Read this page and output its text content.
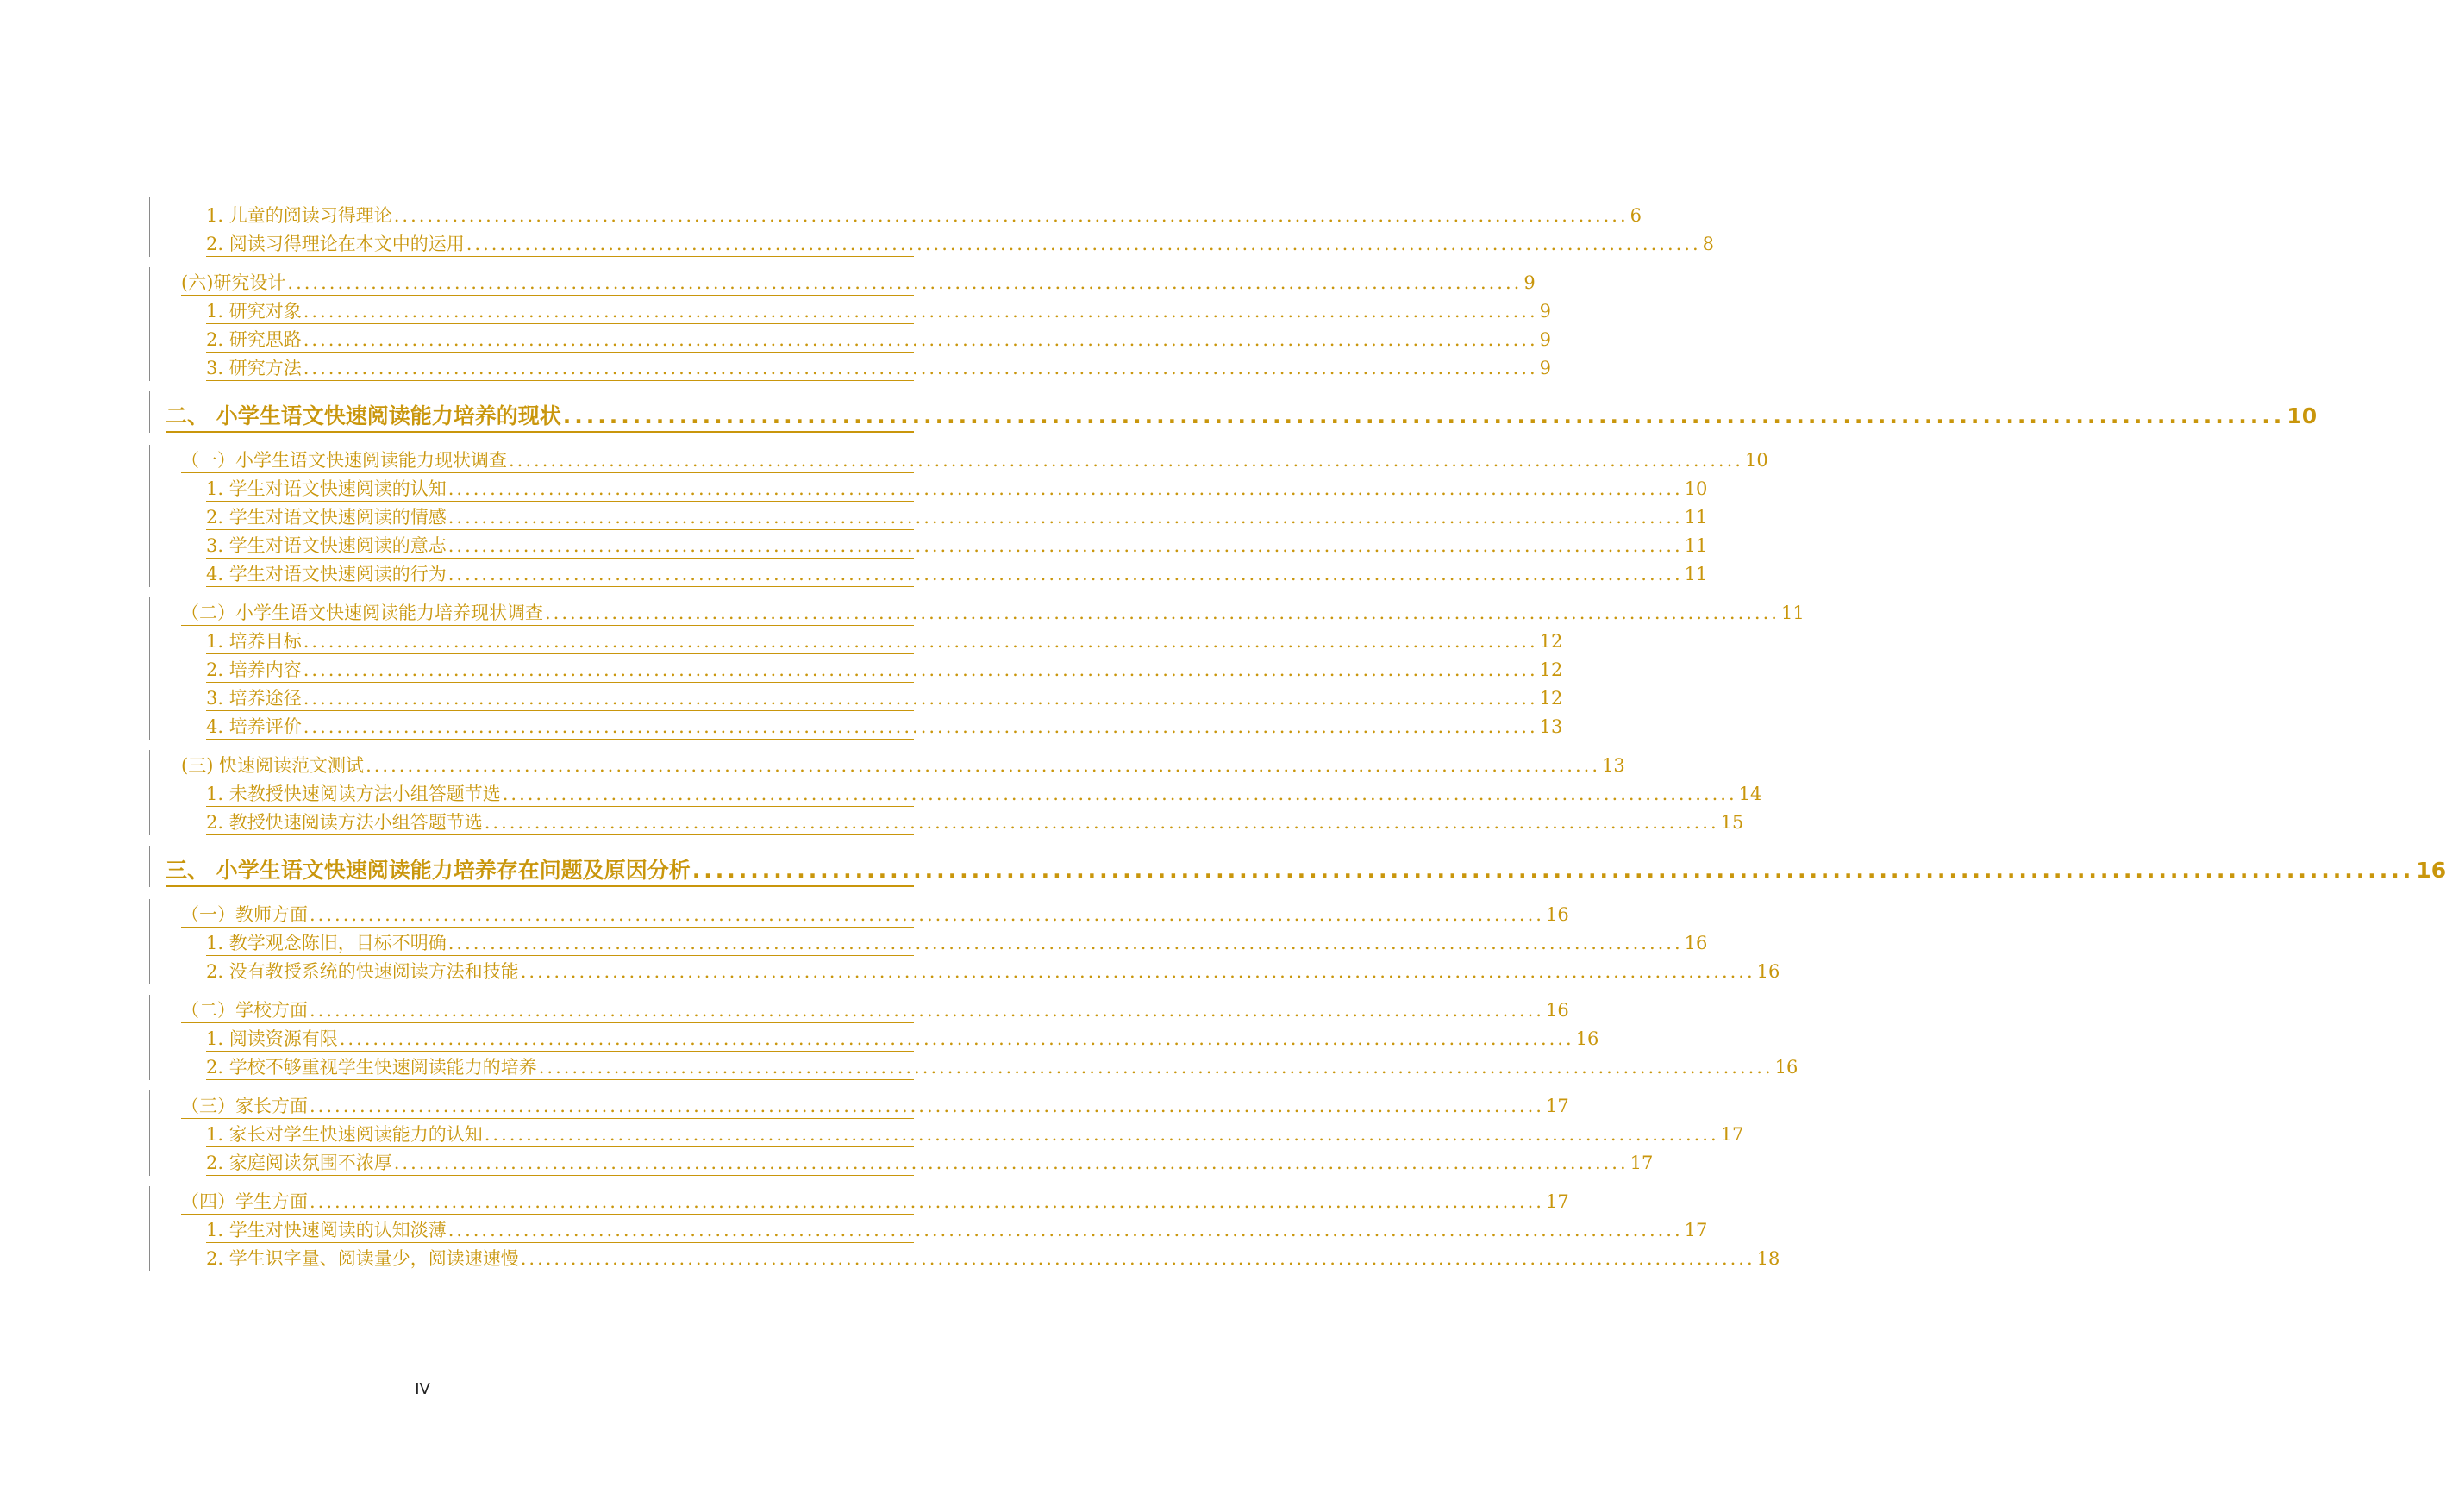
1. 儿童的阅读习得理论 .................................................................................................................................................... 6
2. 阅读习得理论在本文中的运用 .................................................................................................................................................... 8
(六)研究设计 .................................................................................................................................................... 9
1. 研究对象 .................................................................................................................................................... 9
2. 研究思路 .................................................................................................................................................... 9
3. 研究方法 .................................................................................................................................................... 9
二、 小学生语文快速阅读能力培养的现状 .................................................................................................................................................... 10
（一）小学生语文快速阅读能力现状调查 .................................................................................................................................................... 10
1. 学生对语文快速阅读的认知 .................................................................................................................................................... 10
2. 学生对语文快速阅读的情感 .................................................................................................................................................... 11
3. 学生对语文快速阅读的意志 .................................................................................................................................................... 11
4. 学生对语文快速阅读的行为 .................................................................................................................................................... 11
（二）小学生语文快速阅读能力培养现状调查 .................................................................................................................................................... 11
1. 培养目标 .................................................................................................................................................... 12
2. 培养内容 .................................................................................................................................................... 12
3. 培养途径 .................................................................................................................................................... 12
4. 培养评价 .................................................................................................................................................... 13
(三) 快速阅读范文测试 .................................................................................................................................................... 13
1. 未教授快速阅读方法小组答题节选 .................................................................................................................................................... 14
2. 教授快速阅读方法小组答题节选 .................................................................................................................................................... 15
三、 小学生语文快速阅读能力培养存在问题及原因分析 .................................................................................................................................................... 16
（一）教师方面 .................................................................................................................................................... 16
1. 教学观念陈旧，目标不明确 .................................................................................................................................................... 16
2. 没有教授系统的快速阅读方法和技能 .................................................................................................................................................... 16
（二）学校方面 .................................................................................................................................................... 16
1. 阅读资源有限 .................................................................................................................................................... 16
2. 学校不够重视学生快速阅读能力的培养 .................................................................................................................................................... 16
（三）家长方面 .................................................................................................................................................... 17
1. 家长对学生快速阅读能力的认知 .................................................................................................................................................... 17
2. 家庭阅读氛围不浓厚 .................................................................................................................................................... 17
（四）学生方面 .................................................................................................................................................... 17
1. 学生对快速阅读的认知淡薄 .................................................................................................................................................... 17
2. 学生识字量、阅读量少，阅读速速慢 .................................................................................................................................................... 18
IV
